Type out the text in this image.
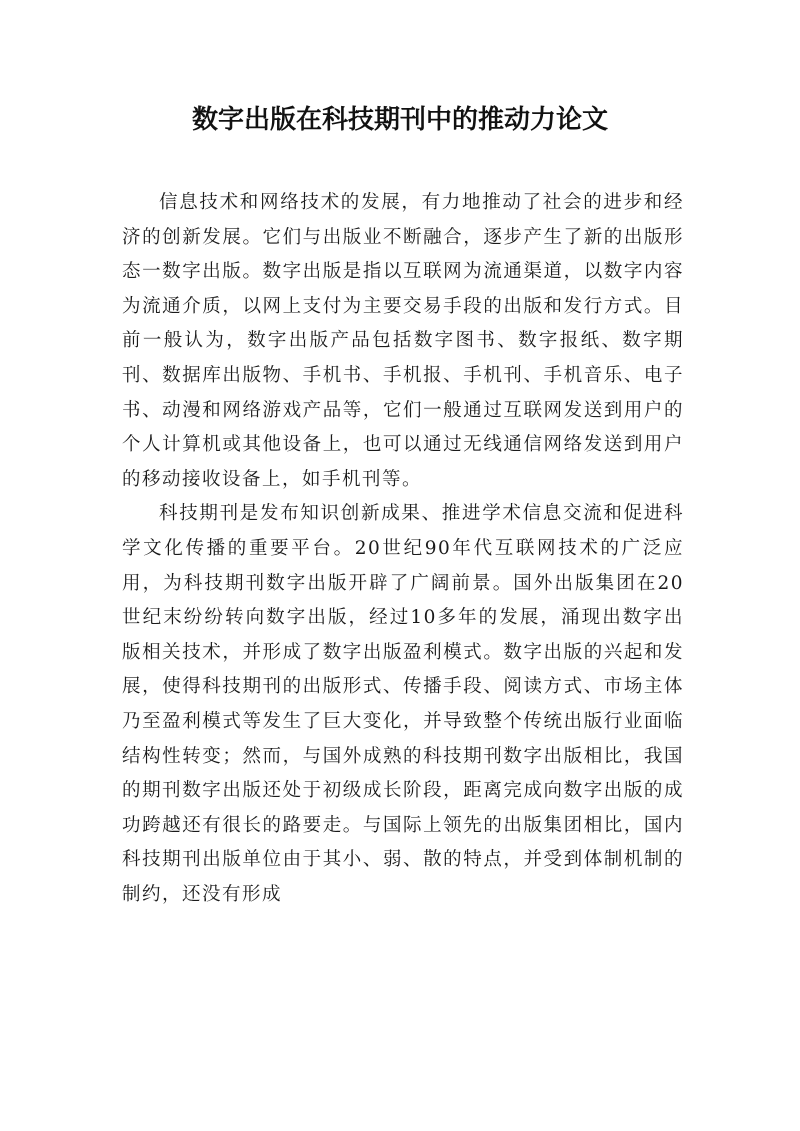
数字出版在科技期刊中的推动力论文

信息技术和网络技术的发展，有力地推动了社会的进步和经济的创新发展。它们与出版业不断融合，逐步产生了新的出版形态一数字出版。数字出版是指以互联网为流通渠道，以数字内容为流通介质，以网上支付为主要交易手段的出版和发行方式。目前一般认为，数字出版产品包括数字图书、数字报纸、数字期刊、数据库出版物、手机书、手机报、手机刊、手机音乐、电子书、动漫和网络游戏产品等，它们一般通过互联网发送到用户的个人计算机或其他设备上，也可以通过无线通信网络发送到用户的移动接收设备上，如手机刊等。

科技期刊是发布知识创新成果、推进学术信息交流和促进科学文化传播的重要平台。20世纪90年代互联网技术的广泛应用，为科技期刊数字出版开辟了广阔前景。国外出版集团在20世纪末纷纷转向数字出版，经过10多年的发展，涌现出数字出版相关技术，并形成了数字出版盈利模式。数字出版的兴起和发展，使得科技期刊的出版形式、传播手段、阅读方式、市场主体乃至盈利模式等发生了巨大变化，并导致整个传统出版行业面临结构性转变；然而，与国外成熟的科技期刊数字出版相比，我国的期刊数字出版还处于初级成长阶段，距离完成向数字出版的成功跨越还有很长的路要走。与国际上领先的出版集团相比，国内科技期刊出版单位由于其小、弱、散的特点，并受到体制机制的制约，还没有形成
